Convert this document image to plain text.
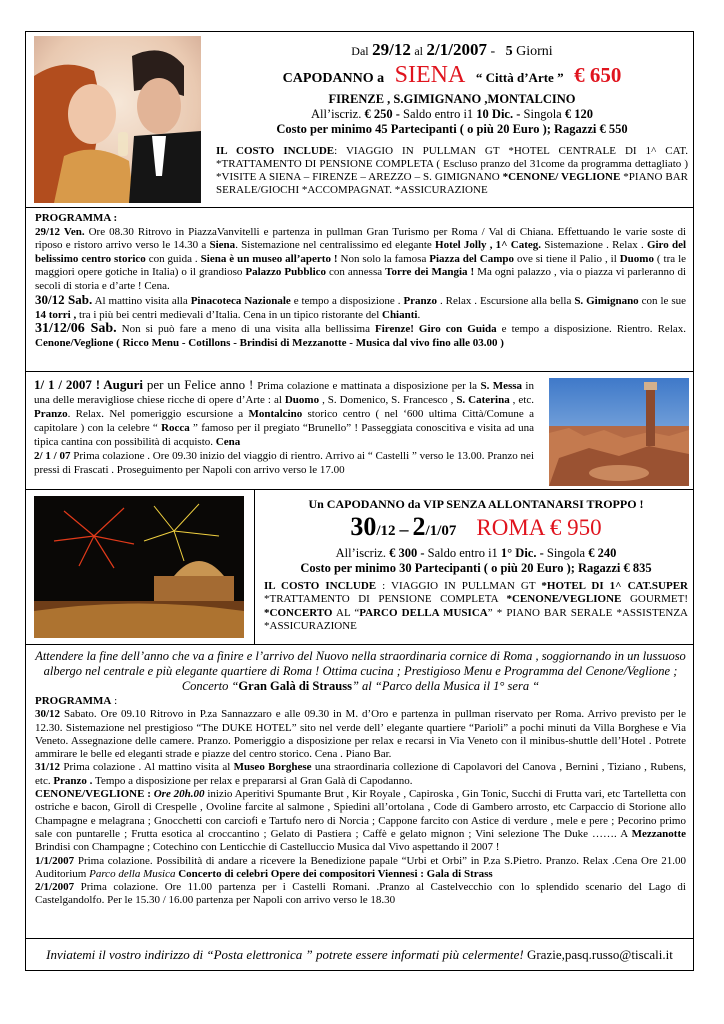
Dal 29/12 al 2/1/2007 - 5 Giorni

CAPODANNO a SIENA “ Città d’Arte ” € 650

FIRENZE , S.GIMIGNANO ,MONTALCINO

All’iscriz. € 250 - Saldo entro i1 10 Dic. - Singola € 120

Costo per minimo 45 Partecipanti ( o più 20 Euro ); Ragazzi € 550

IL COSTO INCLUDE: VIAGGIO IN PULLMAN GT *HOTEL CENTRALE DI 1^ CAT. *TRATTAMENTO DI PENSIONE COMPLETA ( Escluso pranzo del 31come da programma dettagliato ) *VISITE A SIENA – FIRENZE – AREZZO – S. GIMIGNANO *CENONE/ VEGLIONE *PIANO BAR SERALE/GIOCHI *ACCOMPAGNAT. *ASSICURAZIONE

PROGRAMMA :

29/12 Ven. Ore 08.30 Ritrovo in PiazzaVanvitelli e partenza in pullman Gran Turismo per Roma / Val di Chiana. Effettuando le varie soste di riposo e ristoro arrivo verso le 14.30 a Siena. Sistemazione nel centralissimo ed elegante Hotel Jolly , 1^ Categ. Sistemazione . Relax . Giro del belissimo centro storico con guida . Siena è un museo all’aperto ! Non solo la famosa Piazza del Campo ove si tiene il Palio , il Duomo ( tra le maggiori opere gotiche in Italia) o il grandioso Palazzo Pubblico con annessa Torre dei Mangia ! Ma ogni palazzo , via o piazza vi parleranno di secoli di storia e d’arte ! Cena.

30/12 Sab. Al mattino visita alla Pinacoteca Nazionale e tempo a disposizione . Pranzo . Relax . Escursione alla bella S. Gimignano con le sue 14 torri , tra i più bei centri medievali d’Italia. Cena in un tipico ristorante del Chianti.

31/12/06 Sab. Non si può fare a meno di una visita alla bellissima Firenze! Giro con Guida e tempo a disposizione. Rientro. Relax. Cenone/Veglione ( Ricco Menu - Cotillons - Brindisi di Mezzanotte - Musica dal vivo fino alle 03.00 )

1/ 1 / 2007 ! Auguri per un Felice anno ! Prima colazione e mattinata a disposizione per la S. Messa in una delle meravigliose chiese ricche di opere d’Arte : al Duomo , S. Domenico, S. Francesco , S. Caterina , etc. Pranzo. Relax. Nel pomeriggio escursione a Montalcino storico centro ( nel ‘600 ultima Città/Comune a capitolare ) con la celebre “ Rocca ” famoso per il pregiato “Brunello” ! Passeggiata conoscitiva e visita ad una tipica cantina con possibilità di acquisto. Cena

2/ 1 / 07 Prima colazione . Ore 09.30 inizio del viaggio di rientro. Arrivo ai “ Castelli ” verso le 13.00. Pranzo nei pressi di Frascati . Proseguimento per Napoli con arrivo verso le 17.00

Un CAPODANNO da VIP SENZA ALLONTANARSI TROPPO !

30/12 – 2/1/07 ROMA € 950

All’iscriz. € 300 - Saldo entro i1 1° Dic. - Singola € 240

Costo per minimo 30 Partecipanti ( o più 20 Euro ); Ragazzi € 835

IL COSTO INCLUDE : VIAGGIO IN PULLMAN GT *HOTEL DI 1^ CAT.SUPER *TRATTAMENTO DI PENSIONE COMPLETA *CENONE/VEGLIONE GOURMET! *CONCERTO AL “PARCO DELLA MUSICA” * PIANO BAR SERALE *ASSISTENZA *ASSICURAZIONE

Attendere la fine dell’anno che va a finire e l’arrivo del Nuovo nella straordinaria cornice di Roma , soggiornando in un lussuoso albergo nel centrale e più elegante quartiere di Roma ! Ottima cucina ; Prestigioso Menu e Programma del Cenone/Veglione ; Concerto “Gran Galà di Strauss” al “Parco della Musica il 1° sera “

PROGRAMMA :

30/12 Sabato. Ore 09.10 Ritrovo in P.za Sannazzaro e alle 09.30 in M. d’Oro e partenza in pullman riservato per Roma. Arrivo previsto per le 12.30. Sistemazione nel prestigioso “The DUKE HOTEL” sito nel verde dell’ elegante quartiere “Parioli” a pochi minuti da Villa Borghese e Via Veneto. Assegnazione delle camere. Pranzo. Pomeriggio a disposizione per relax e recarsi in Via Veneto con il minibus-shuttle dell’Hotel . Potrete ammirare le belle ed eleganti strade e piazze del centro storico. Cena . Piano Bar.

31/12 Prima colazione . Al mattino visita al Museo Borghese una straordinaria collezione di Capolavori del Canova , Bernini , Tiziano , Rubens, etc. Pranzo . Tempo a disposizione per relax e prepararsi al Gran Galà di Capodanno.

CENONE/VEGLIONE : Ore 20h.00 inizio Aperitivi Spumante Brut , Kir Royale , Capiroska , Gin Tonic, Succhi di Frutta vari, etc Tartelletta con ostriche e bacon, Giroll di Crespelle , Ovoline farcite al salmone , Spiedini all’ortolana , Code di Gambero arrosto, etc Carpaccio di Storione allo Champagne e melagrana ; Gnocchetti con carciofi e Tartufo nero di Norcia ; Cappone farcito con Astice di verdure , mele e pere ; Pecorino primo sale con puntarelle ; Frutta esotica al croccantino ; Gelato di Pastiera ; Caffè e gelato mignon ; Vini selezione The Duke ……. A Mezzanotte Brindisi con Champagne ; Cotechino con Lenticchie di Castelluccio Musica dal Vivo aspettando il 2007 !

1/1/2007 Prima colazione. Possibilità di andare a ricevere la Benedizione papale “Urbi et Orbi” in P.za S.Pietro. Pranzo. Relax .Cena Ore 21.00 Auditorium Parco della Musica Concerto di celebri Opere dei compositori Viennesi : Gala di Strass

2/1/2007 Prima colazione. Ore 11.00 partenza per i Castelli Romani. .Pranzo al Castelvecchio con lo splendido scenario del Lago di Castelgandolfo. Per le 15.30 / 16.00 partenza per Napoli con arrivo verso le 18.30

Inviatemi il vostro indirizzo di “Posta elettronica ” potrete essere informati più celermente! Grazie,pasq.russo@tiscali.it
